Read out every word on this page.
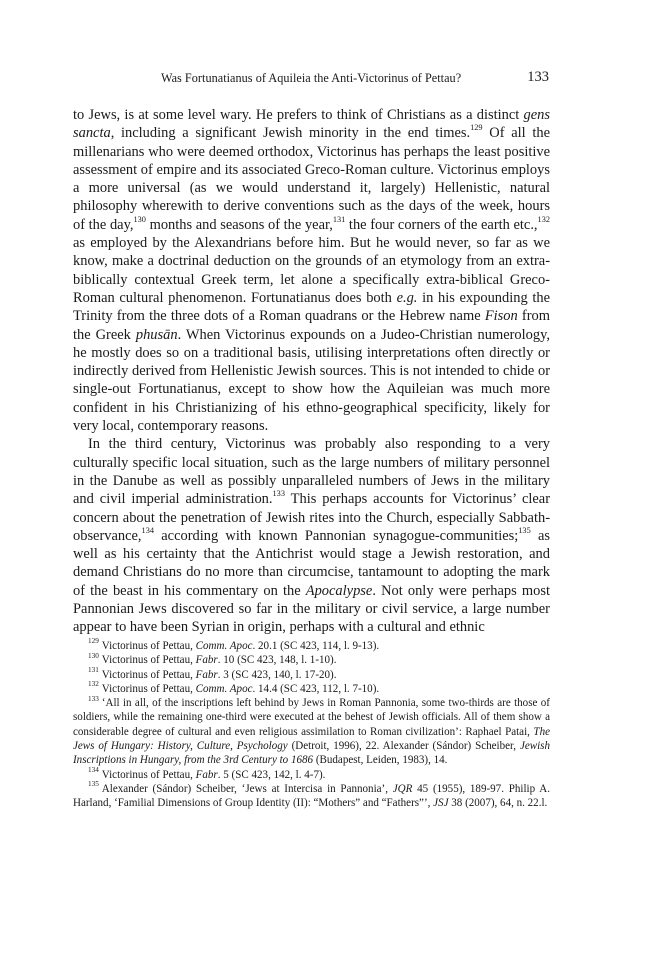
Was Fortunatianus of Aquileia the Anti-Victorinus of Pettau?	133

to Jews, is at some level wary. He prefers to think of Christians as a distinct gens sancta, including a significant Jewish minority in the end times.$^{129}$ Of all the millenarians who were deemed orthodox, Victorinus has perhaps the least positive assessment of empire and its associated Greco-Roman culture. Victorinus employs a more universal (as we would understand it, largely) Hellenistic, natural philosophy wherewith to derive conventions such as the days of the week, hours of the day,$^{130}$ months and seasons of the year,$^{131}$ the four corners of the earth etc.,$^{132}$ as employed by the Alexandrians before him. But he would never, so far as we know, make a doctrinal deduction on the grounds of an etymology from an extra-biblically contextual Greek term, let alone a specifically extra-biblical Greco-Roman cultural phenomenon. Fortunatianus does both e.g. in his expounding the Trinity from the three dots of a Roman quadrans or the Hebrew name Fison from the Greek phusān. When Victorinus expounds on a Judeo-Christian numerology, he mostly does so on a traditional basis, utilising interpretations often directly or indirectly derived from Hellenistic Jewish sources. This is not intended to chide or single-out Fortunatianus, except to show how the Aquileian was much more confident in his Christianizing of his ethno-geographical specificity, likely for very local, contemporary reasons.

In the third century, Victorinus was probably also responding to a very culturally specific local situation, such as the large numbers of military personnel in the Danube as well as possibly unparalleled numbers of Jews in the military and civil imperial administration.$^{133}$ This perhaps accounts for Victorinus’ clear concern about the penetration of Jewish rites into the Church, especially Sabbath-observance,$^{134}$ according with known Pannonian synagogue-communities;$^{135}$ as well as his certainty that the Antichrist would stage a Jewish restoration, and demand Christians do no more than circumcise, tantamount to adopting the mark of the beast in his commentary on the Apocalypse. Not only were perhaps most Pannonian Jews discovered so far in the military or civil service, a large number appear to have been Syrian in origin, perhaps with a cultural and ethnic

$^{129}$ Victorinus of Pettau, Comm. Apoc. 20.1 (SC 423, 114, l. 9-13).

$^{130}$ Victorinus of Pettau, Fabr. 10 (SC 423, 148, l. 1-10).

$^{131}$ Victorinus of Pettau, Fabr. 3 (SC 423, 140, l. 17-20).

$^{132}$ Victorinus of Pettau, Comm. Apoc. 14.4 (SC 423, 112, l. 7-10).

$^{133}$ ‘All in all, of the inscriptions left behind by Jews in Roman Pannonia, some two-thirds are those of soldiers, while the remaining one-third were executed at the behest of Jewish officials. All of them show a considerable degree of cultural and even religious assimilation to Roman civilization’: Raphael Patai, The Jews of Hungary: History, Culture, Psychology (Detroit, 1996), 22. Alexander (Sándor) Scheiber, Jewish Inscriptions in Hungary, from the 3rd Century to 1686 (Budapest, Leiden, 1983), 14.

$^{134}$ Victorinus of Pettau, Fabr. 5 (SC 423, 142, l. 4-7).

$^{135}$ Alexander (Sándor) Scheiber, ‘Jews at Intercisa in Pannonia’, JQR 45 (1955), 189-97. Philip A. Harland, ‘Familial Dimensions of Group Identity (II): “Mothers” and “Fathers”’, JSJ 38 (2007), 64, n. 22.l.
